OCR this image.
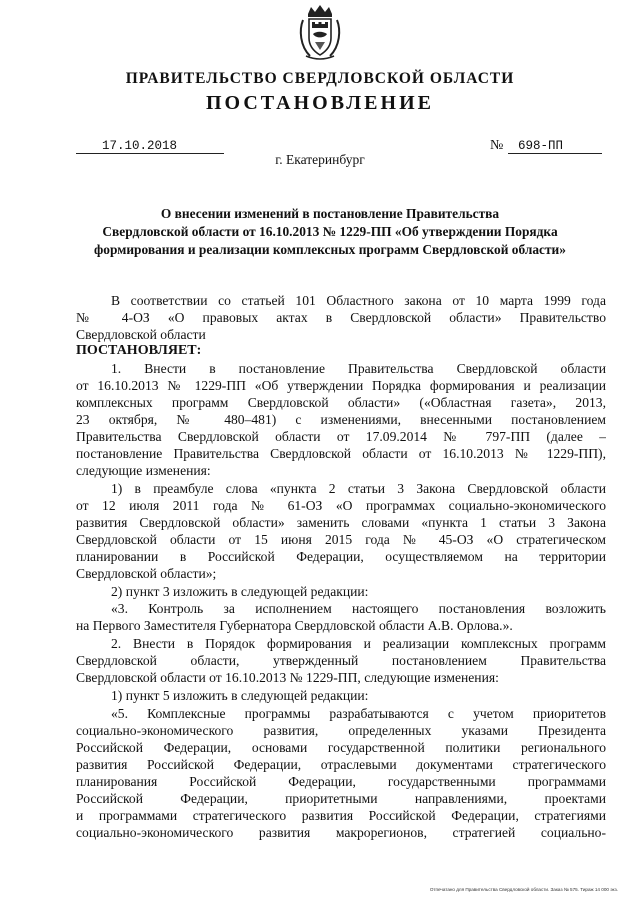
ПРАВИТЕЛЬСТВО СВЕРДЛОВСКОЙ ОБЛАСТИ
ПОСТАНОВЛЕНИЕ
17.10.2018	№	698-ПП
г. Екатеринбург
О внесении изменений в постановление Правительства
Свердловской области от 16.10.2013 № 1229-ПП «Об утверждении Порядка
формирования и реализации комплексных программ Свердловской области»
В соответствии со статьей 101 Областного закона от 10 марта 1999 года
№ 4-ОЗ «О правовых актах в Свердловской области» Правительство
Свердловской области
ПОСТАНОВЛЯЕТ:
1. Внести в постановление Правительства Свердловской области
от 16.10.2013 № 1229-ПП «Об утверждении Порядка формирования и реализации
комплексных программ Свердловской области» («Областная газета», 2013,
23 октября, № 480–481) с изменениями, внесенными постановлением
Правительства Свердловской области от 17.09.2014 № 797-ПП (далее –
постановление Правительства Свердловской области от 16.10.2013 № 1229-ПП),
следующие изменения:
1) в преамбуле слова «пункта 2 статьи 3 Закона Свердловской области
от 12 июля 2011 года № 61-ОЗ «О программах социально-экономического
развития Свердловской области» заменить словами «пункта 1 статьи 3 Закона
Свердловской области от 15 июня 2015 года № 45-ОЗ «О стратегическом
планировании в Российской Федерации, осуществляемом на территории
Свердловской области»;
2) пункт 3 изложить в следующей редакции:
«3. Контроль за исполнением настоящего постановления возложить
на Первого Заместителя Губернатора Свердловской области А.В. Орлова.».
2. Внести в Порядок формирования и реализации комплексных программ
Свердловской области, утвержденный постановлением Правительства
Свердловской области от 16.10.2013 № 1229-ПП, следующие изменения:
1) пункт 5 изложить в следующей редакции:
«5. Комплексные программы разрабатываются с учетом приоритетов
социально-экономического развития, определенных указами Президента
Российской Федерации, основами государственной политики регионального
развития Российской Федерации, отраслевыми документами стратегического
планирования Российской Федерации, государственными программами
Российской Федерации, приоритетными направлениями, проектами
и программами стратегического развития Российской Федерации, стратегиями
социально-экономического развития макрорегионов, стратегией социально-
Отпечатано для Правительства Свердловской области. Заказ № 575. Тираж 14 000 экз.
